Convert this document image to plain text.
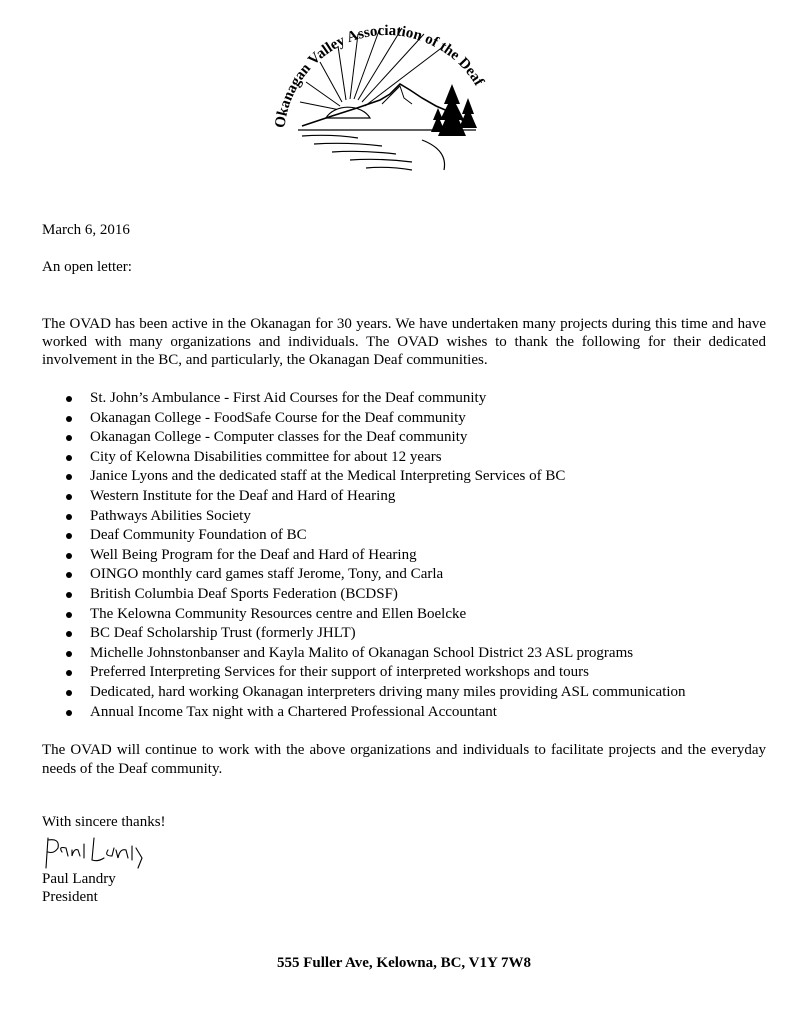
Okanagan Valley Association of the Deaf
March 6, 2016
An open letter:

The OVAD has been active in the Okanagan for 30 years. We have undertaken many projects during this time and have worked with many organizations and individuals. The OVAD wishes to thank the following for their dedicated involvement in the BC, and particularly, the Okanagan Deaf communities.

St. John’s Ambulance - First Aid Courses for the Deaf community
Okanagan College - FoodSafe Course for the Deaf community
Okanagan College - Computer classes for the Deaf community
City of Kelowna Disabilities committee for about 12 years
Janice Lyons and the dedicated staff at the Medical Interpreting Services of BC
Western Institute for the Deaf and Hard of Hearing
Pathways Abilities Society
Deaf Community Foundation of BC
Well Being Program for the Deaf and Hard of Hearing
OINGO monthly card games staff Jerome, Tony, and Carla
British Columbia Deaf Sports Federation (BCDSF)
The Kelowna Community Resources centre and Ellen Boelcke
BC Deaf Scholarship Trust (formerly JHLT)
Michelle Johnstonbanser and Kayla Malito of Okanagan School District 23 ASL programs
Preferred Interpreting Services for their support of interpreted workshops and tours
Dedicated, hard working Okanagan interpreters driving many miles providing ASL communication
Annual Income Tax night with a Chartered Professional Accountant

The OVAD will continue to work with the above organizations and individuals to facilitate projects and the everyday needs of the Deaf community.

With sincere thanks!
Paul Landry
President
555 Fuller Ave, Kelowna, BC, V1Y 7W8
